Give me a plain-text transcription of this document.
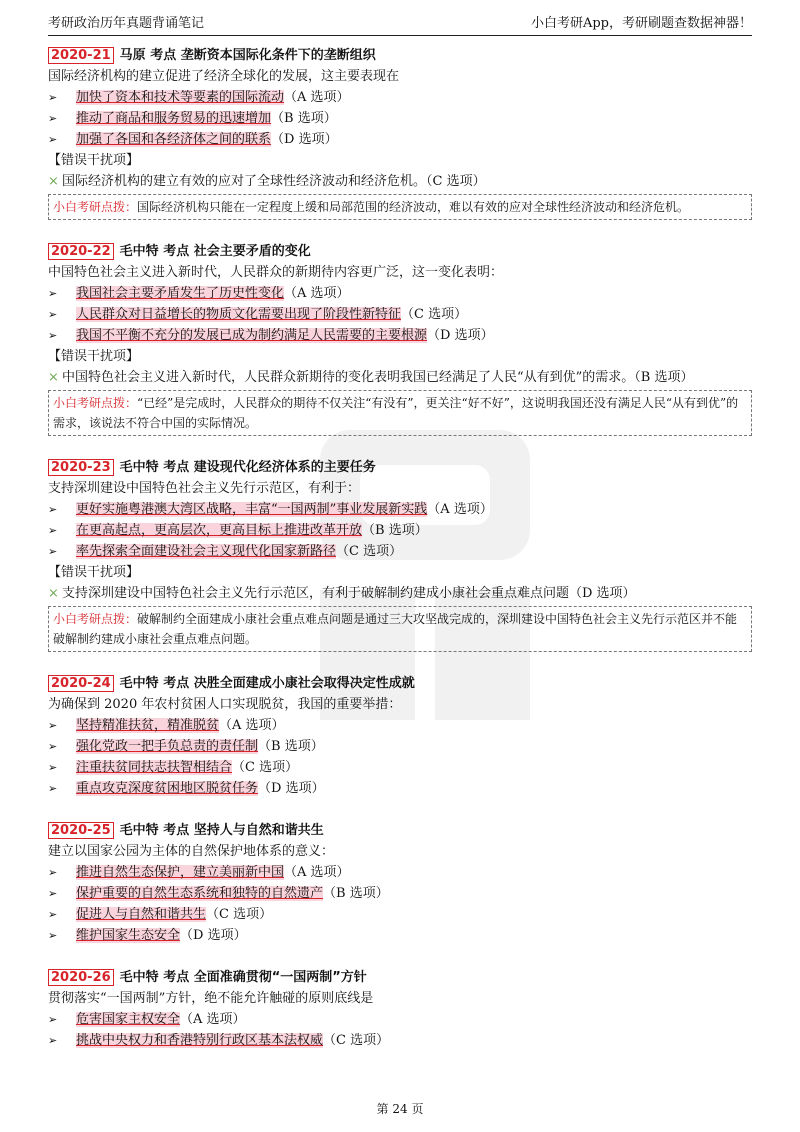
考研政治历年真题背诵笔记	小白考研App，考研刷题查数据神器！
2020-21 马原 考点 垄断资本国际化条件下的垄断组织
国际经济机构的建立促进了经济全球化的发展，这主要表现在
➢ 加快了资本和技术等要素的国际流动（A 选项）
➢ 推动了商品和服务贸易的迅速增加（B 选项）
➢ 加强了各国和各经济体之间的联系（D 选项）
【错误干扰项】
× 国际经济机构的建立有效的应对了全球性经济波动和经济危机。（C 选项）
小白考研点拨：国际经济机构只能在一定程度上缓和局部范围的经济波动，难以有效的应对全球性经济波动和经济危机。
2020-22 毛中特 考点 社会主要矛盾的变化
中国特色社会主义进入新时代，人民群众的新期待内容更广泛，这一变化表明：
➢ 我国社会主要矛盾发生了历史性变化（A 选项）
➢ 人民群众对日益增长的物质文化需要出现了阶段性新特征（C 选项）
➢ 我国不平衡不充分的发展已成为制约满足人民需要的主要根源（D 选项）
【错误干扰项】
× 中国特色社会主义进入新时代，人民群众新期待的变化表明我国已经满足了人民“从有到优”的需求。（B 选项）
小白考研点拨：“已经”是完成时，人民群众的期待不仅关注“有没有”，更关注“好不好”，这说明我国还没有满足人民“从有到优”的需求，该说法不符合中国的实际情况。
2020-23 毛中特 考点 建设现代化经济体系的主要任务
支持深圳建设中国特色社会主义先行示范区，有利于：
➢ 更好实施粤港澳大湾区战略，丰富“一国两制”事业发展新实践（A 选项）
➢ 在更高起点，更高层次，更高目标上推进改革开放（B 选项）
➢ 率先探索全面建设社会主义现代化国家新路径（C 选项）
【错误干扰项】
× 支持深圳建设中国特色社会主义先行示范区，有利于破解制约建成小康社会重点难点问题（D 选项）
小白考研点拨：破解制约全面建成小康社会重点难点问题是通过三大攻坚战完成的，深圳建设中国特色社会主义先行示范区并不能破解制约建成小康社会重点难点问题。
2020-24 毛中特 考点 决胜全面建成小康社会取得决定性成就
为确保到 2020 年农村贫困人口实现脱贫，我国的重要举措：
➢ 坚持精准扶贫，精准脱贫（A 选项）
➢ 强化党政一把手负总责的责任制（B 选项）
➢ 注重扶贫同扶志扶智相结合（C 选项）
➢ 重点攻克深度贫困地区脱贫任务（D 选项）
2020-25 毛中特 考点 坚持人与自然和谐共生
建立以国家公园为主体的自然保护地体系的意义：
➢ 推进自然生态保护，建立美丽新中国（A 选项）
➢ 保护重要的自然生态系统和独特的自然遗产（B 选项）
➢ 促进人与自然和谐共生（C 选项）
➢ 维护国家生态安全（D 选项）
2020-26 毛中特 考点 全面准确贯彻“一国两制”方针
贯彻落实“一国两制”方针，绝不能允许触碰的原则底线是
➢ 危害国家主权安全（A 选项）
➢ 挑战中央权力和香港特别行政区基本法权威（C 选项）
第 24 页
